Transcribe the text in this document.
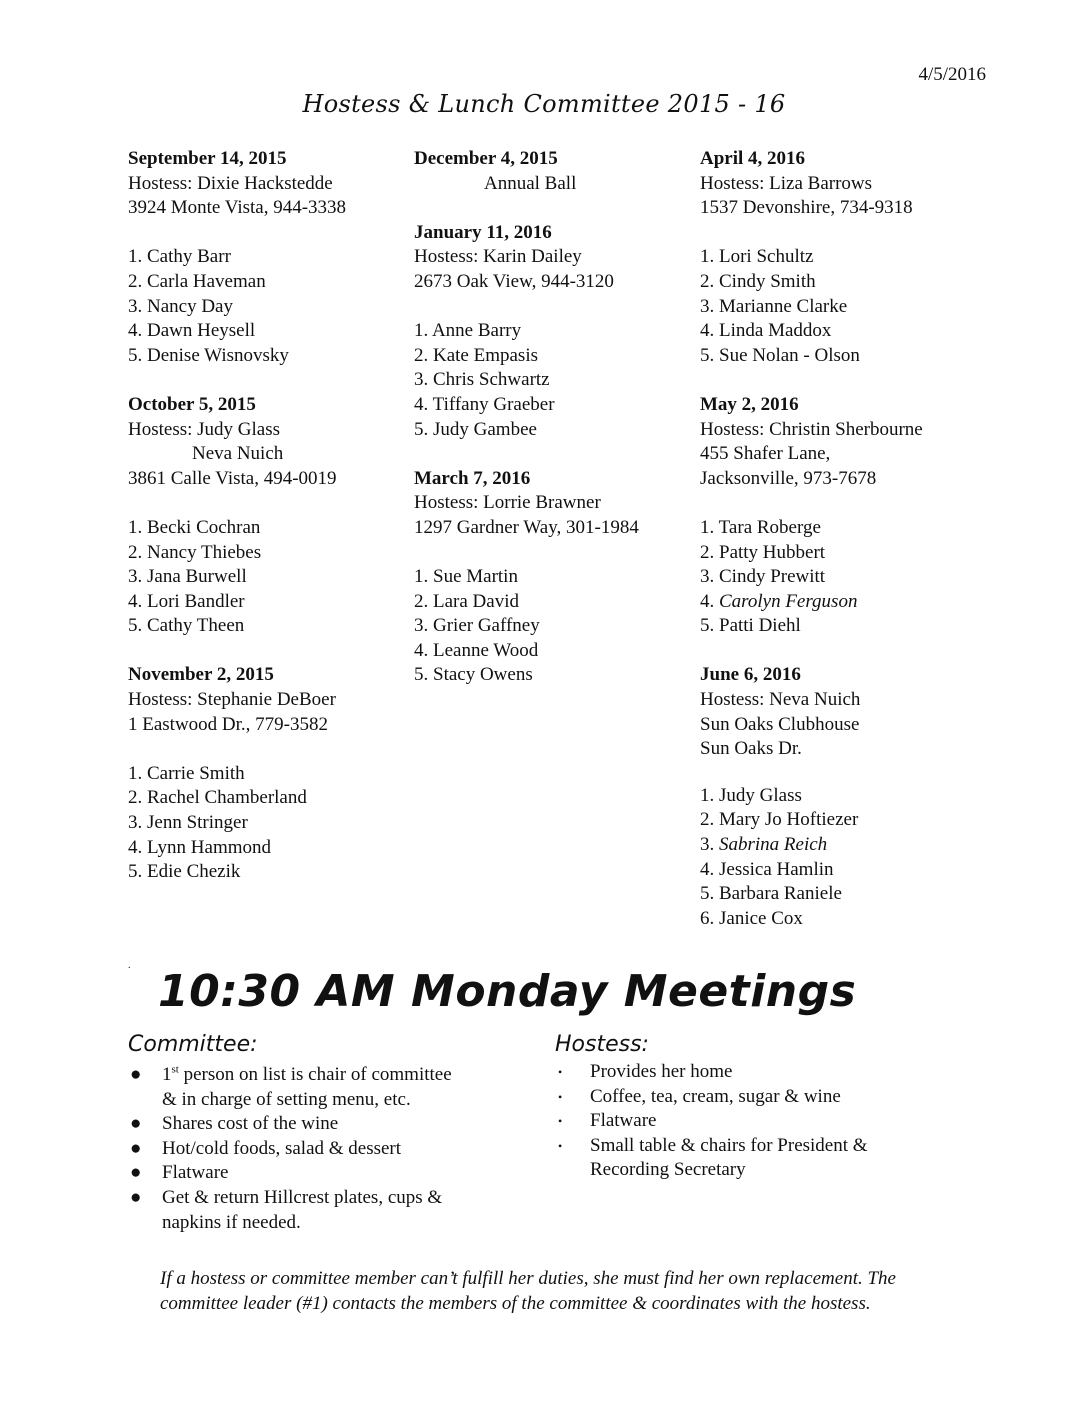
4/5/2016
Hostess & Lunch Committee 2015 - 16
September 14, 2015
Hostess: Dixie Hackstedde
3924 Monte Vista, 944-3338
1. Cathy Barr
2. Carla Haveman
3. Nancy Day
4. Dawn Heysell
5. Denise Wisnovsky
October 5, 2015
Hostess: Judy Glass
Neva Nuich
3861 Calle Vista, 494-0019
1. Becki Cochran
2. Nancy Thiebes
3. Jana Burwell
4. Lori Bandler
5. Cathy Theen
November 2, 2015
Hostess: Stephanie DeBoer
1 Eastwood Dr., 779-3582
1. Carrie Smith
2. Rachel Chamberland
3. Jenn Stringer
4. Lynn Hammond
5. Edie Chezik
December 4, 2015
Annual Ball
January 11, 2016
Hostess: Karin Dailey
2673 Oak View, 944-3120
1. Anne Barry
2. Kate Empasis
3. Chris Schwartz
4. Tiffany Graeber
5. Judy Gambee
March 7, 2016
Hostess: Lorrie Brawner
1297 Gardner Way, 301-1984
1. Sue Martin
2. Lara David
3. Grier Gaffney
4. Leanne Wood
5. Stacy Owens
April 4, 2016
Hostess: Liza Barrows
1537 Devonshire, 734-9318
1. Lori Schultz
2. Cindy Smith
3. Marianne Clarke
4. Linda Maddox
5. Sue Nolan - Olson
May 2, 2016
Hostess: Christin Sherbourne
455 Shafer Lane,
Jacksonville, 973-7678
1. Tara Roberge
2. Patty Hubbert
3. Cindy Prewitt
4. Carolyn Ferguson
5. Patti Diehl
June 6, 2016
Hostess: Neva Nuich
Sun Oaks Clubhouse
Sun Oaks Dr.
1. Judy Glass
2. Mary Jo Hoftiezer
3. Sabrina Reich
4. Jessica Hamlin
5. Barbara Raniele
6. Janice Cox
.
10:30 AM Monday Meetings
Committee:	Hostess:
●	1st person on list is chair of committee
& in charge of setting menu, etc.
●	Shares cost of the wine
●	Hot/cold foods, salad & dessert
●	Flatware
●	Get & return Hillcrest plates, cups &
napkins if needed.
•	Provides her home
•	Coffee, tea, cream, sugar & wine
•	Flatware
•	Small table & chairs for President &
Recording Secretary
If a hostess or committee member can’t fulfill her duties, she must find her own replacement. The
committee leader (#1) contacts the members of the committee & coordinates with the hostess.
